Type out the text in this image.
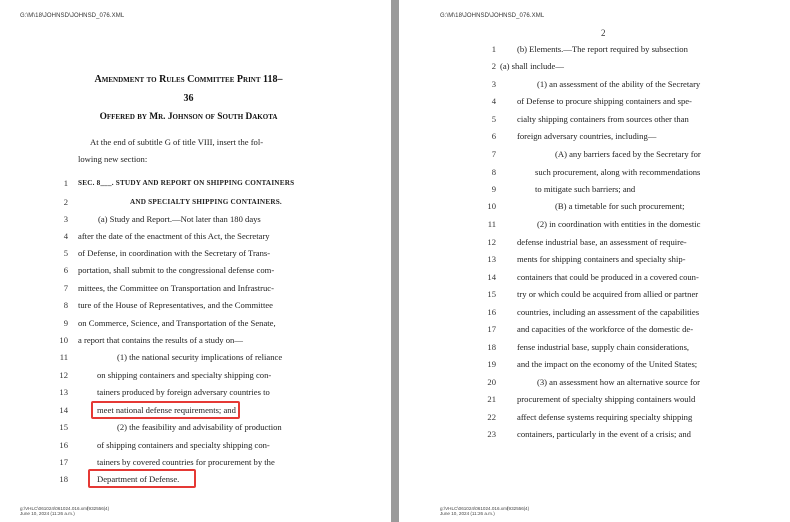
G:\M\18\JOHNSD\JOHNSD_076.XML
Amendment to Rules Committee Print 118–
36
Offered by Mr. Johnson of South Dakota
At the end of subtitle G of title VIII, insert the fol-
lowing new section:
1 SEC. 8___. STUDY AND REPORT ON SHIPPING CONTAINERS
2	AND SPECIALTY SHIPPING CONTAINERS.
3	(a) Study and Report.—Not later than 180 days
4 after the date of the enactment of this Act, the Secretary
5 of Defense, in coordination with the Secretary of Trans-
6 portation, shall submit to the congressional defense com-
7 mittees, the Committee on Transportation and Infrastruc-
8 ture of the House of Representatives, and the Committee
9 on Commerce, Science, and Transportation of the Senate,
10 a report that contains the results of a study on—
11	(1) the national security implications of reliance
12	on shipping containers and specialty shipping con-
13	tainers produced by foreign adversary countries to
14	meet national defense requirements; and
15	(2) the feasibility and advisability of production
16	of shipping containers and specialty shipping con-
17	tainers by covered countries for procurement by the
18	Department of Defense.
g:\VHLC\061024\061024.016.xml
June 10, 2024 (11:26 a.m.)
(932556|4)
G:\M\18\JOHNSD\JOHNSD_076.XML
2
g:\VHLC\061024\061024.016.xml
June 10, 2024 (11:26 a.m.)
(932556|4)
1 (b) Elements.—The report required by subsection
2 (a) shall include—
3	(1) an assessment of the ability of the Secretary
4 of Defense to procure shipping containers and spe-
5 cialty shipping containers from sources other than
6 foreign adversary countries, including—
7	(A) any barriers faced by the Secretary for
8	such procurement, along with recommendations
9	to mitigate such barriers; and
10	(B) a timetable for such procurement;
11	(2) in coordination with entities in the domestic
12 defense industrial base, an assessment of require-
13 ments for shipping containers and specialty ship-
14 containers that could be produced in a covered coun-
15 try or which could be acquired from allied or partner
16 countries, including an assessment of the capabilities
17 and capacities of the workforce of the domestic de-
18 fense industrial base, supply chain considerations,
19 and the impact on the economy of the United States;
20	(3) an assessment how an alternative source for
21 procurement of specialty shipping containers would
22 affect defense systems requiring specialty shipping
23 containers, particularly in the event of a crisis; and
